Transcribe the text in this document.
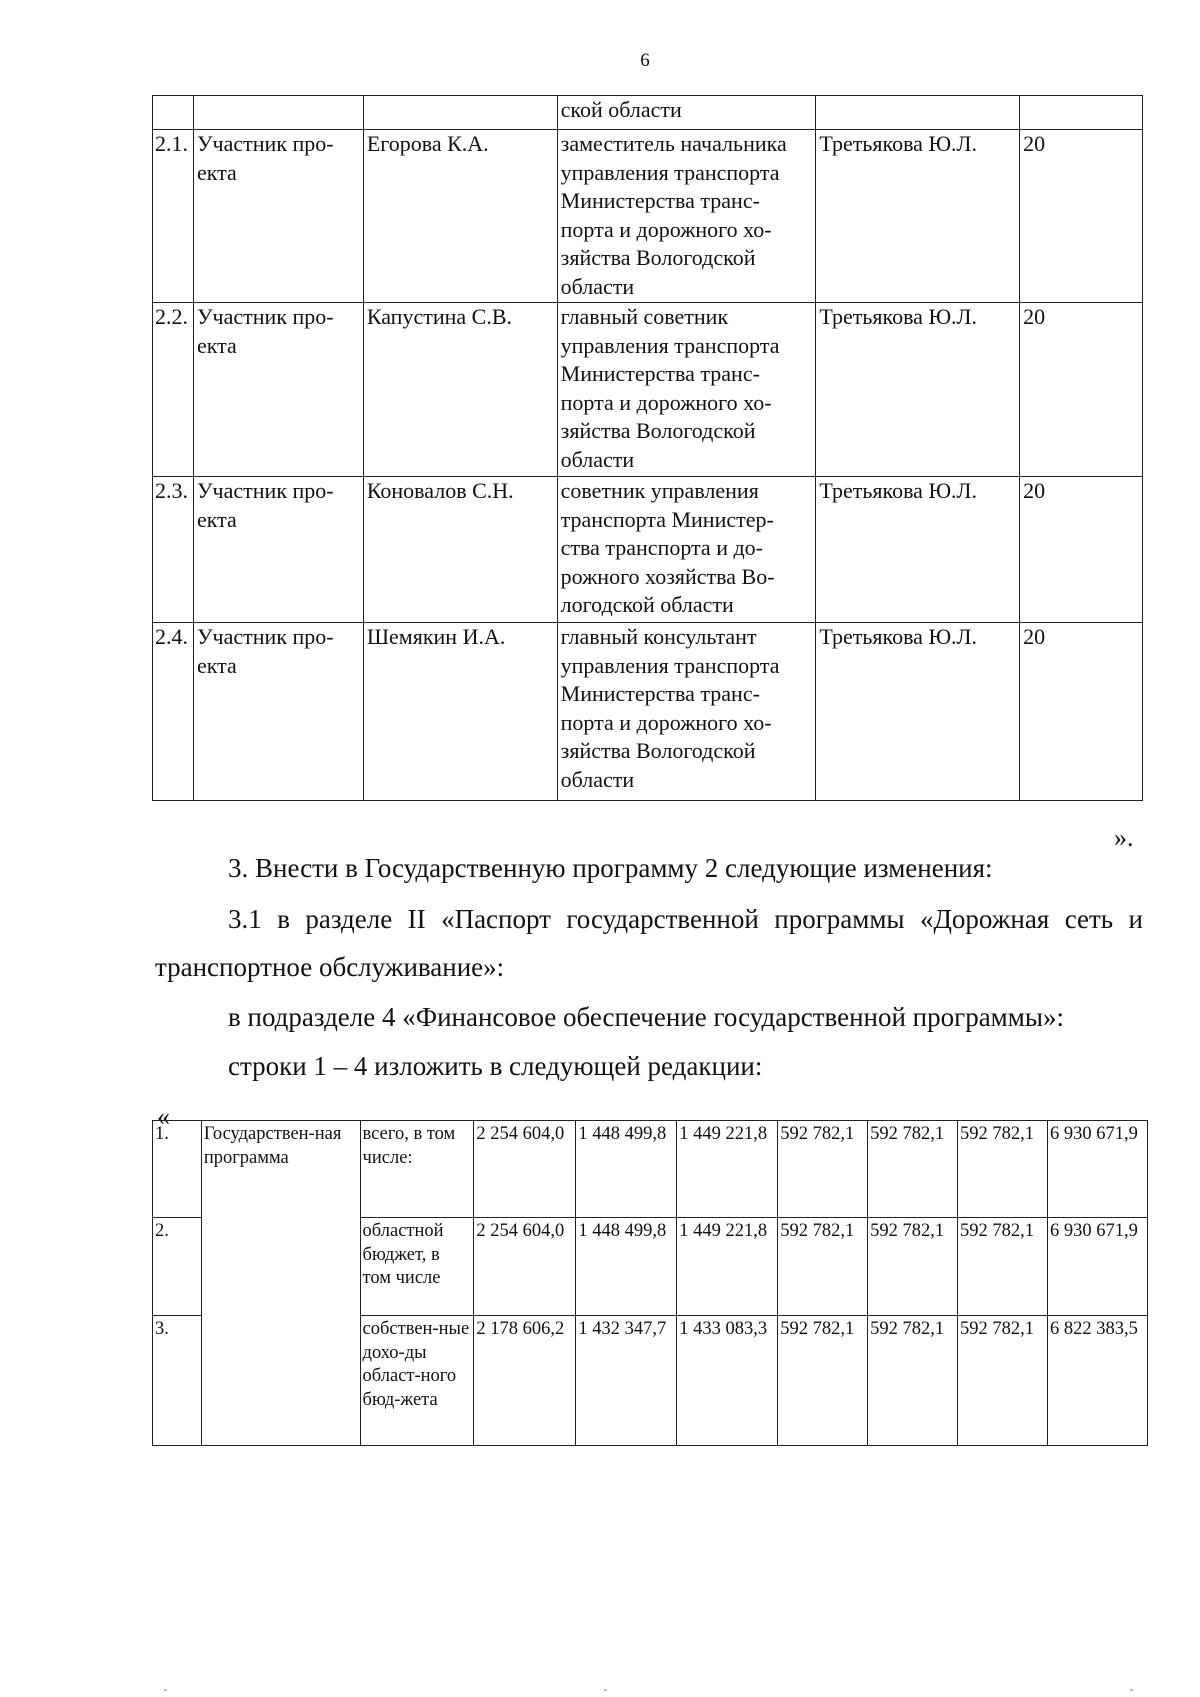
6
			ской области		
2.1.	Участник про- екта	Егорова К.А.	заместитель начальника управления транспорта Министерства транс-порта и дорожного хо-зяйства Вологодской области	Третьякова Ю.Л.	20
2.2.	Участник про-екта	Капустина С.В.	главный советник управления транспорта Министерства транс-порта и дорожного хо-зяйства Вологодской области	Третьякова Ю.Л.	20
2.3.	Участник про-екта	Коновалов С.Н.	советник управления транспорта Министер-ства транспорта и до-рожного хозяйства Во-логодской области	Третьякова Ю.Л.	20
2.4.	Участник про-екта	Шемякин И.А.	главный консультант управления транспорта Министерства транс-порта и дорожного хо-зяйства Вологодской области	Третьякова Ю.Л.	20
».
3. Внести в Государственную программу 2 следующие изменения:
3.1 в разделе II «Паспорт государственной программы «Дорожная сеть и
транспортное обслуживание»:
в подразделе 4 «Финансовое обеспечение государственной программы»:
строки 1 – 4 изложить в следующей редакции:
«
1.	Государствен-ная программа	всего, в том числе:	2 254 604,0	1 448 499,8	1 449 221,8	592 782,1	592 782,1	592 782,1	6 930 671,9
2.		областной бюджет, в том числе	2 254 604,0	1 448 499,8	1 449 221,8	592 782,1	592 782,1	592 782,1	6 930 671,9
3.		собствен-ные дохо-ды област-ного бюд-жета	2 178 606,2	1 432 347,7	1 433 083,3	592 782,1	592 782,1	592 782,1	6 822 383,5
